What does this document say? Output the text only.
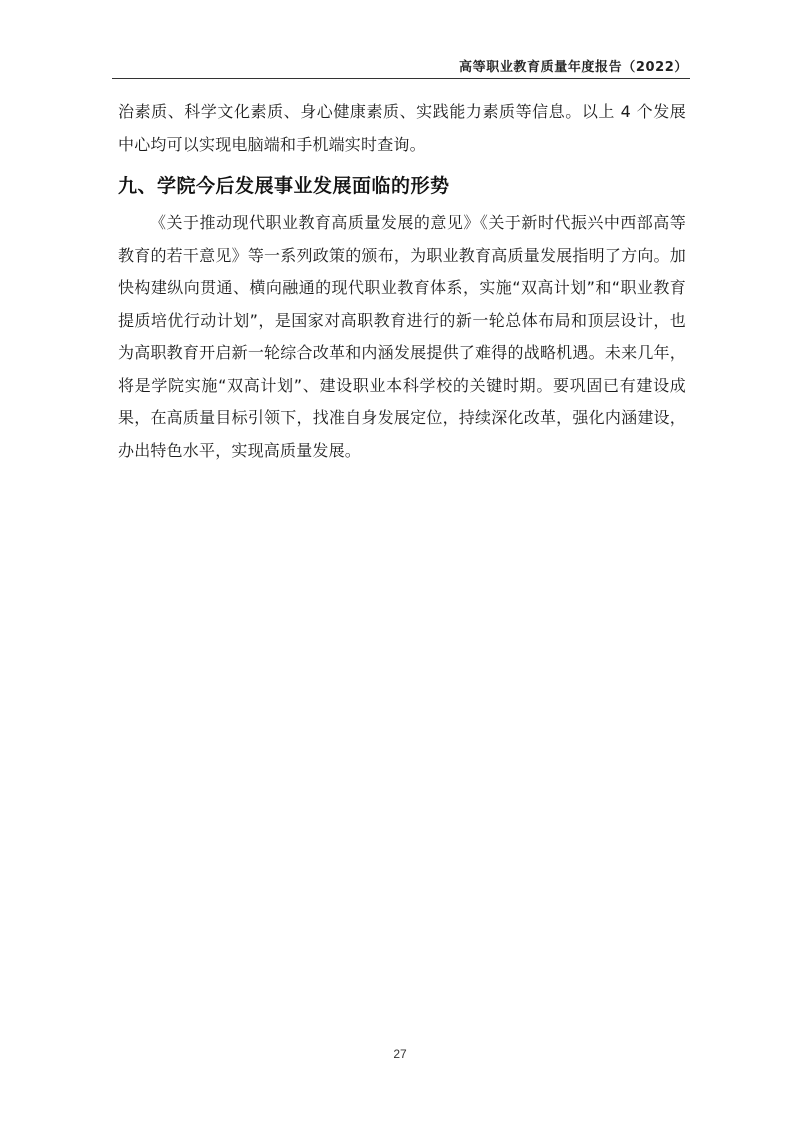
高等职业教育质量年度报告（2022）

治素质、科学文化素质、身心健康素质、实践能力素质等信息。以上 4 个发展中心均可以实现电脑端和手机端实时查询。

九、学院今后发展事业发展面临的形势

《关于推动现代职业教育高质量发展的意见》《关于新时代振兴中西部高等教育的若干意见》等一系列政策的颁布，为职业教育高质量发展指明了方向。加快构建纵向贯通、横向融通的现代职业教育体系，实施“双高计划”和“职业教育提质培优行动计划”，是国家对高职教育进行的新一轮总体布局和顶层设计，也为高职教育开启新一轮综合改革和内涵发展提供了难得的战略机遇。未来几年，将是学院实施“双高计划”、建设职业本科学校的关键时期。要巩固已有建设成果，在高质量目标引领下，找准自身发展定位，持续深化改革，强化内涵建设，办出特色水平，实现高质量发展。

27
